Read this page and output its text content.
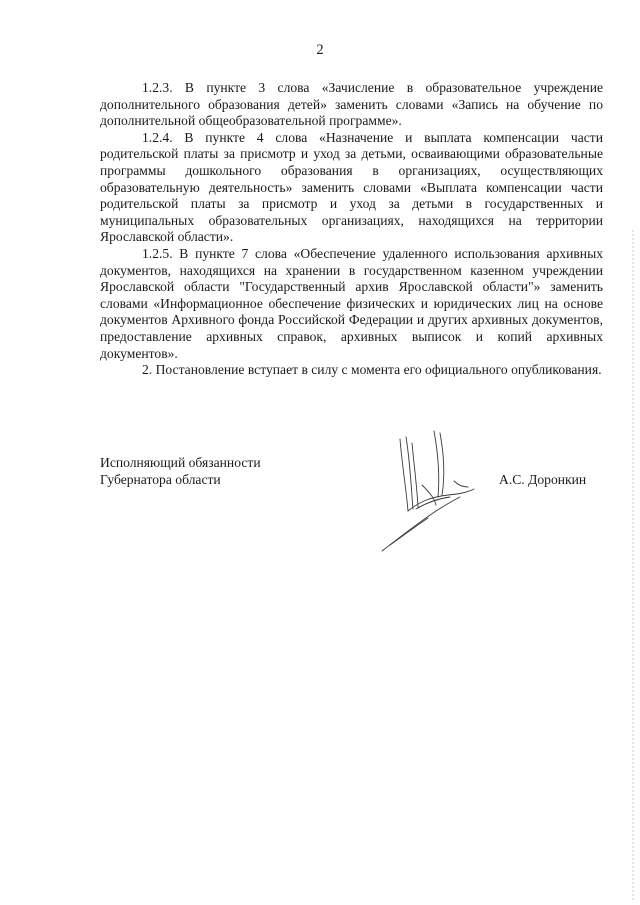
2

1.2.3. В пункте 3 слова «Зачисление в образовательное учреждение дополнительного образования детей» заменить словами «Запись на обучение по дополнительной общеобразовательной программе».

1.2.4. В пункте 4 слова «Назначение и выплата компенсации части родительской платы за присмотр и уход за детьми, осваивающими образовательные программы дошкольного образования в организациях, осуществляющих образовательную деятельность» заменить словами «Выплата компенсации части родительской платы за присмотр и уход за детьми в государственных и муниципальных образовательных организациях, находящихся на территории Ярославской области».

1.2.5. В пункте 7 слова «Обеспечение удаленного использования архивных документов, находящихся на хранении в государственном казенном учреждении Ярославской области "Государственный архив Ярославской области"» заменить словами «Информационное обеспечение физических и юридических лиц на основе документов Архивного фонда Российской Федерации и других архивных документов, предоставление архивных справок, архивных выписок и копий архивных документов».

2. Постановление вступает в силу с момента его официального опубликования.

Исполняющий обязанности
Губернатора области	А.С. Доронкин
